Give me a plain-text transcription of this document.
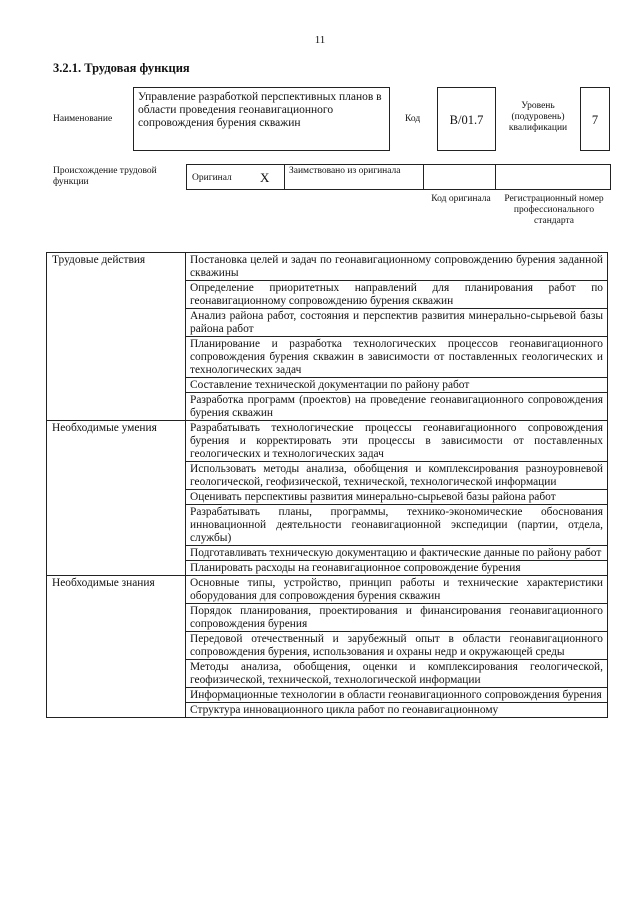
11
3.2.1. Трудовая функция
Наименование
Управление разработкой перспективных планов в области проведения геонавигационного сопровождения бурения скважин	Код	В/01.7
Уровень (подуровень) квалификации
7
Происхождение трудовой функции	Оригинал X Заимствовано из оригинала
Код оригинала	Регистрационный номер профессионального стандарта
Трудовые действия	Постановка целей и задач по геонавигационному сопровождению бурения заданной скважины
	Определение приоритетных направлений для планирования работ по геонавигационному сопровождению бурения скважин
	Анализ района работ, состояния и перспектив развития минерально-сырьевой базы района работ
	Планирование и разработка технологических процессов геонавигационного сопровождения бурения скважин в зависимости от поставленных геологических и технологических задач
	Составление технической документации по району работ
	Разработка программ (проектов) на проведение геонавигационного сопровождения бурения скважин
Необходимые умения	Разрабатывать технологические процессы геонавигационного сопровождения бурения и корректировать эти процессы в зависимости от поставленных геологических и технологических задач
	Использовать методы анализа, обобщения и комплексирования разноуровневой геологической, геофизической, технической, технологической информации
	Оценивать перспективы развития минерально-сырьевой базы района работ
	Разрабатывать планы, программы, технико-экономические обоснования инновационной деятельности геонавигационной экспедиции (партии, отдела, службы)
	Подготавливать техническую документацию и фактические данные по району работ
	Планировать расходы на геонавигационное сопровождение бурения
Необходимые знания	Основные типы, устройство, принцип работы и технические характеристики оборудования для сопровождения бурения скважин
	Порядок планирования, проектирования и финансирования геонавигационного сопровождения бурения
	Передовой отечественный и зарубежный опыт в области геонавигационного сопровождения бурения, использования и охраны недр и окружающей среды
	Методы анализа, обобщения, оценки и комплексирования геологической, геофизической, технической, технологической информации
	Информационные технологии в области геонавигационного сопровождения бурения
	Структура инновационного цикла работ по геонавигационному
